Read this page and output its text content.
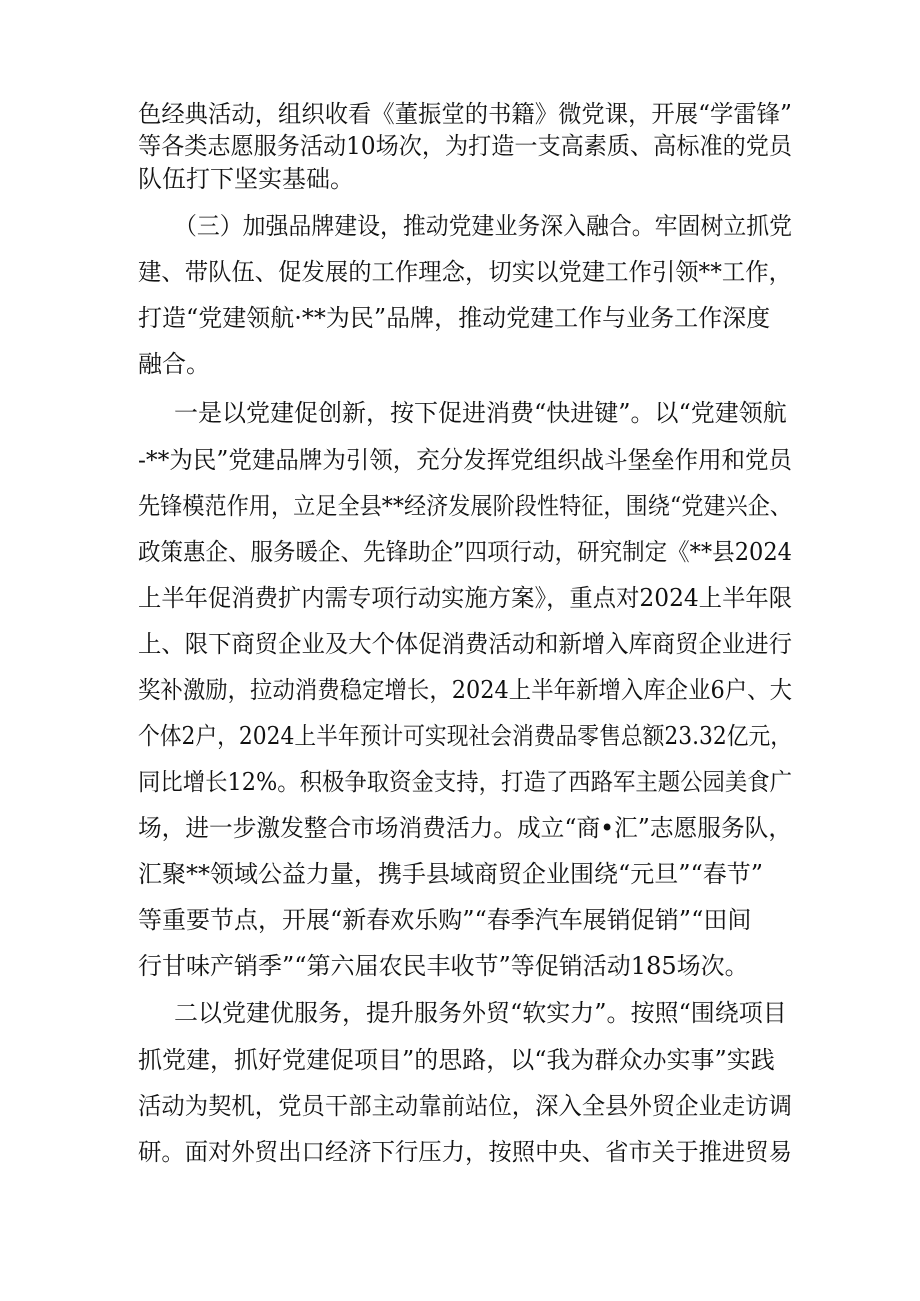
色经典活动，组织收看《董振堂的书籍》微党课，开展“学雷锋”
等各类志愿服务活动10场次，为打造一支高素质、高标准的党员
队伍打下坚实基础。
（三）加强品牌建设，推动党建业务深入融合。牢固树立抓党
建、带队伍、促发展的工作理念，切实以党建工作引领**工作，
打造“党建领航·**为民”品牌，推动党建工作与业务工作深度
融合。
一是以党建促创新，按下促进消费“快进键”。以“党建领航
-**为民”党建品牌为引领，充分发挥党组织战斗堡垒作用和党员
先锋模范作用，立足全县**经济发展阶段性特征，围绕“党建兴企、
政策惠企、服务暖企、先锋助企”四项行动，研究制定《**县2024
上半年促消费扩内需专项行动实施方案》，重点对2024上半年限
上、限下商贸企业及大个体促消费活动和新增入库商贸企业进行
奖补激励，拉动消费稳定增长，2024上半年新增入库企业6户、大
个体2户，2024上半年预计可实现社会消费品零售总额23.32亿元，
同比增长12%。积极争取资金支持，打造了西路军主题公园美食广
场，进一步激发整合市场消费活力。成立“商•汇”志愿服务队，
汇聚**领域公益力量，携手县域商贸企业围绕“元旦”“春节”
等重要节点，开展“新春欢乐购”“春季汽车展销促销”“田间
行甘味产销季”“第六届农民丰收节”等促销活动185场次。
二以党建优服务，提升服务外贸“软实力”。按照“围绕项目
抓党建，抓好党建促项目”的思路，以“我为群众办实事”实践
活动为契机，党员干部主动靠前站位，深入全县外贸企业走访调
研。面对外贸出口经济下行压力，按照中央、省市关于推进贸易
